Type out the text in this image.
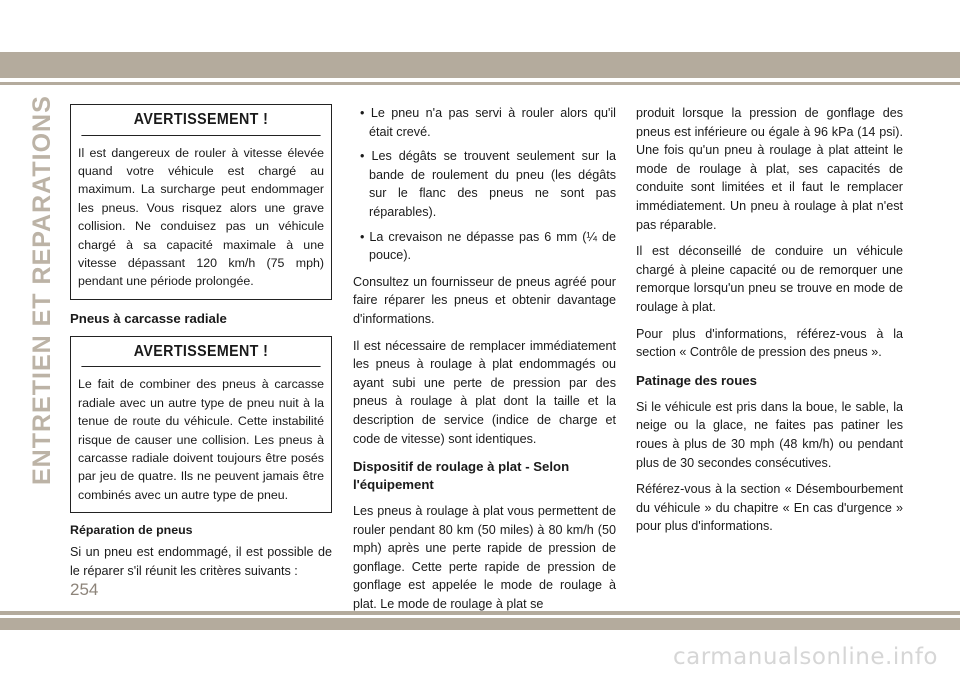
ENTRETIEN ET REPARATIONS	AVERTISSEMENT !
Il est dangereux de rouler à vitesse élevée quand votre véhicule est chargé au maximum. La surcharge peut endommager les pneus. Vous risquez alors une grave collision. Ne conduisez pas un véhicule chargé à sa capacité maximale à une vitesse dépassant 120 km/h (75 mph) pendant une période prolongée.
Pneus à carcasse radiale
AVERTISSEMENT !
Le fait de combiner des pneus à carcasse radiale avec un autre type de pneu nuit à la tenue de route du véhicule. Cette instabilité risque de causer une collision. Les pneus à carcasse radiale doivent toujours être posés par jeu de quatre. Ils ne peuvent jamais être combinés avec un autre type de pneu.
Réparation de pneus

Si un pneu est endommagé, il est possible de le réparer s'il réunit les critères suivants :

• Le pneu n'a pas servi à rouler alors qu'il était crevé.
• Les dégâts se trouvent seulement sur la bande de roulement du pneu (les dégâts sur le flanc des pneus ne sont pas réparables).
• La crevaison ne dépasse pas 6 mm (¼ de pouce).

Consultez un fournisseur de pneus agréé pour faire réparer les pneus et obtenir davantage d'informations.

Il est nécessaire de remplacer immédiatement les pneus à roulage à plat endommagés ou ayant subi une perte de pression par des pneus à roulage à plat dont la taille et la description de service (indice de charge et code de vitesse) sont identiques.

Dispositif de roulage à plat - Selon l'équipement

Les pneus à roulage à plat vous permettent de rouler pendant 80 km (50 miles) à 80 km/h (50 mph) après une perte rapide de pression de gonflage. Cette perte rapide de pression de gonflage est appelée le mode de roulage à plat. Le mode de roulage à plat se

produit lorsque la pression de gonflage des pneus est inférieure ou égale à 96 kPa (14 psi). Une fois qu'un pneu à roulage à plat atteint le mode de roulage à plat, ses capacités de conduite sont limitées et il faut le remplacer immédiatement. Un pneu à roulage à plat n'est pas réparable.

Il est déconseillé de conduire un véhicule chargé à pleine capacité ou de remorquer une remorque lorsqu'un pneu se trouve en mode de roulage à plat.

Pour plus d'informations, référez-vous à la section « Contrôle de pression des pneus ».

Patinage des roues

Si le véhicule est pris dans la boue, le sable, la neige ou la glace, ne faites pas patiner les roues à plus de 30 mph (48 km/h) ou pendant plus de 30 secondes consécutives.

Référez-vous à la section « Désembourbement du véhicule » du chapitre « En cas d'urgence » pour plus d'informations.

254
carmanualsonline.info
